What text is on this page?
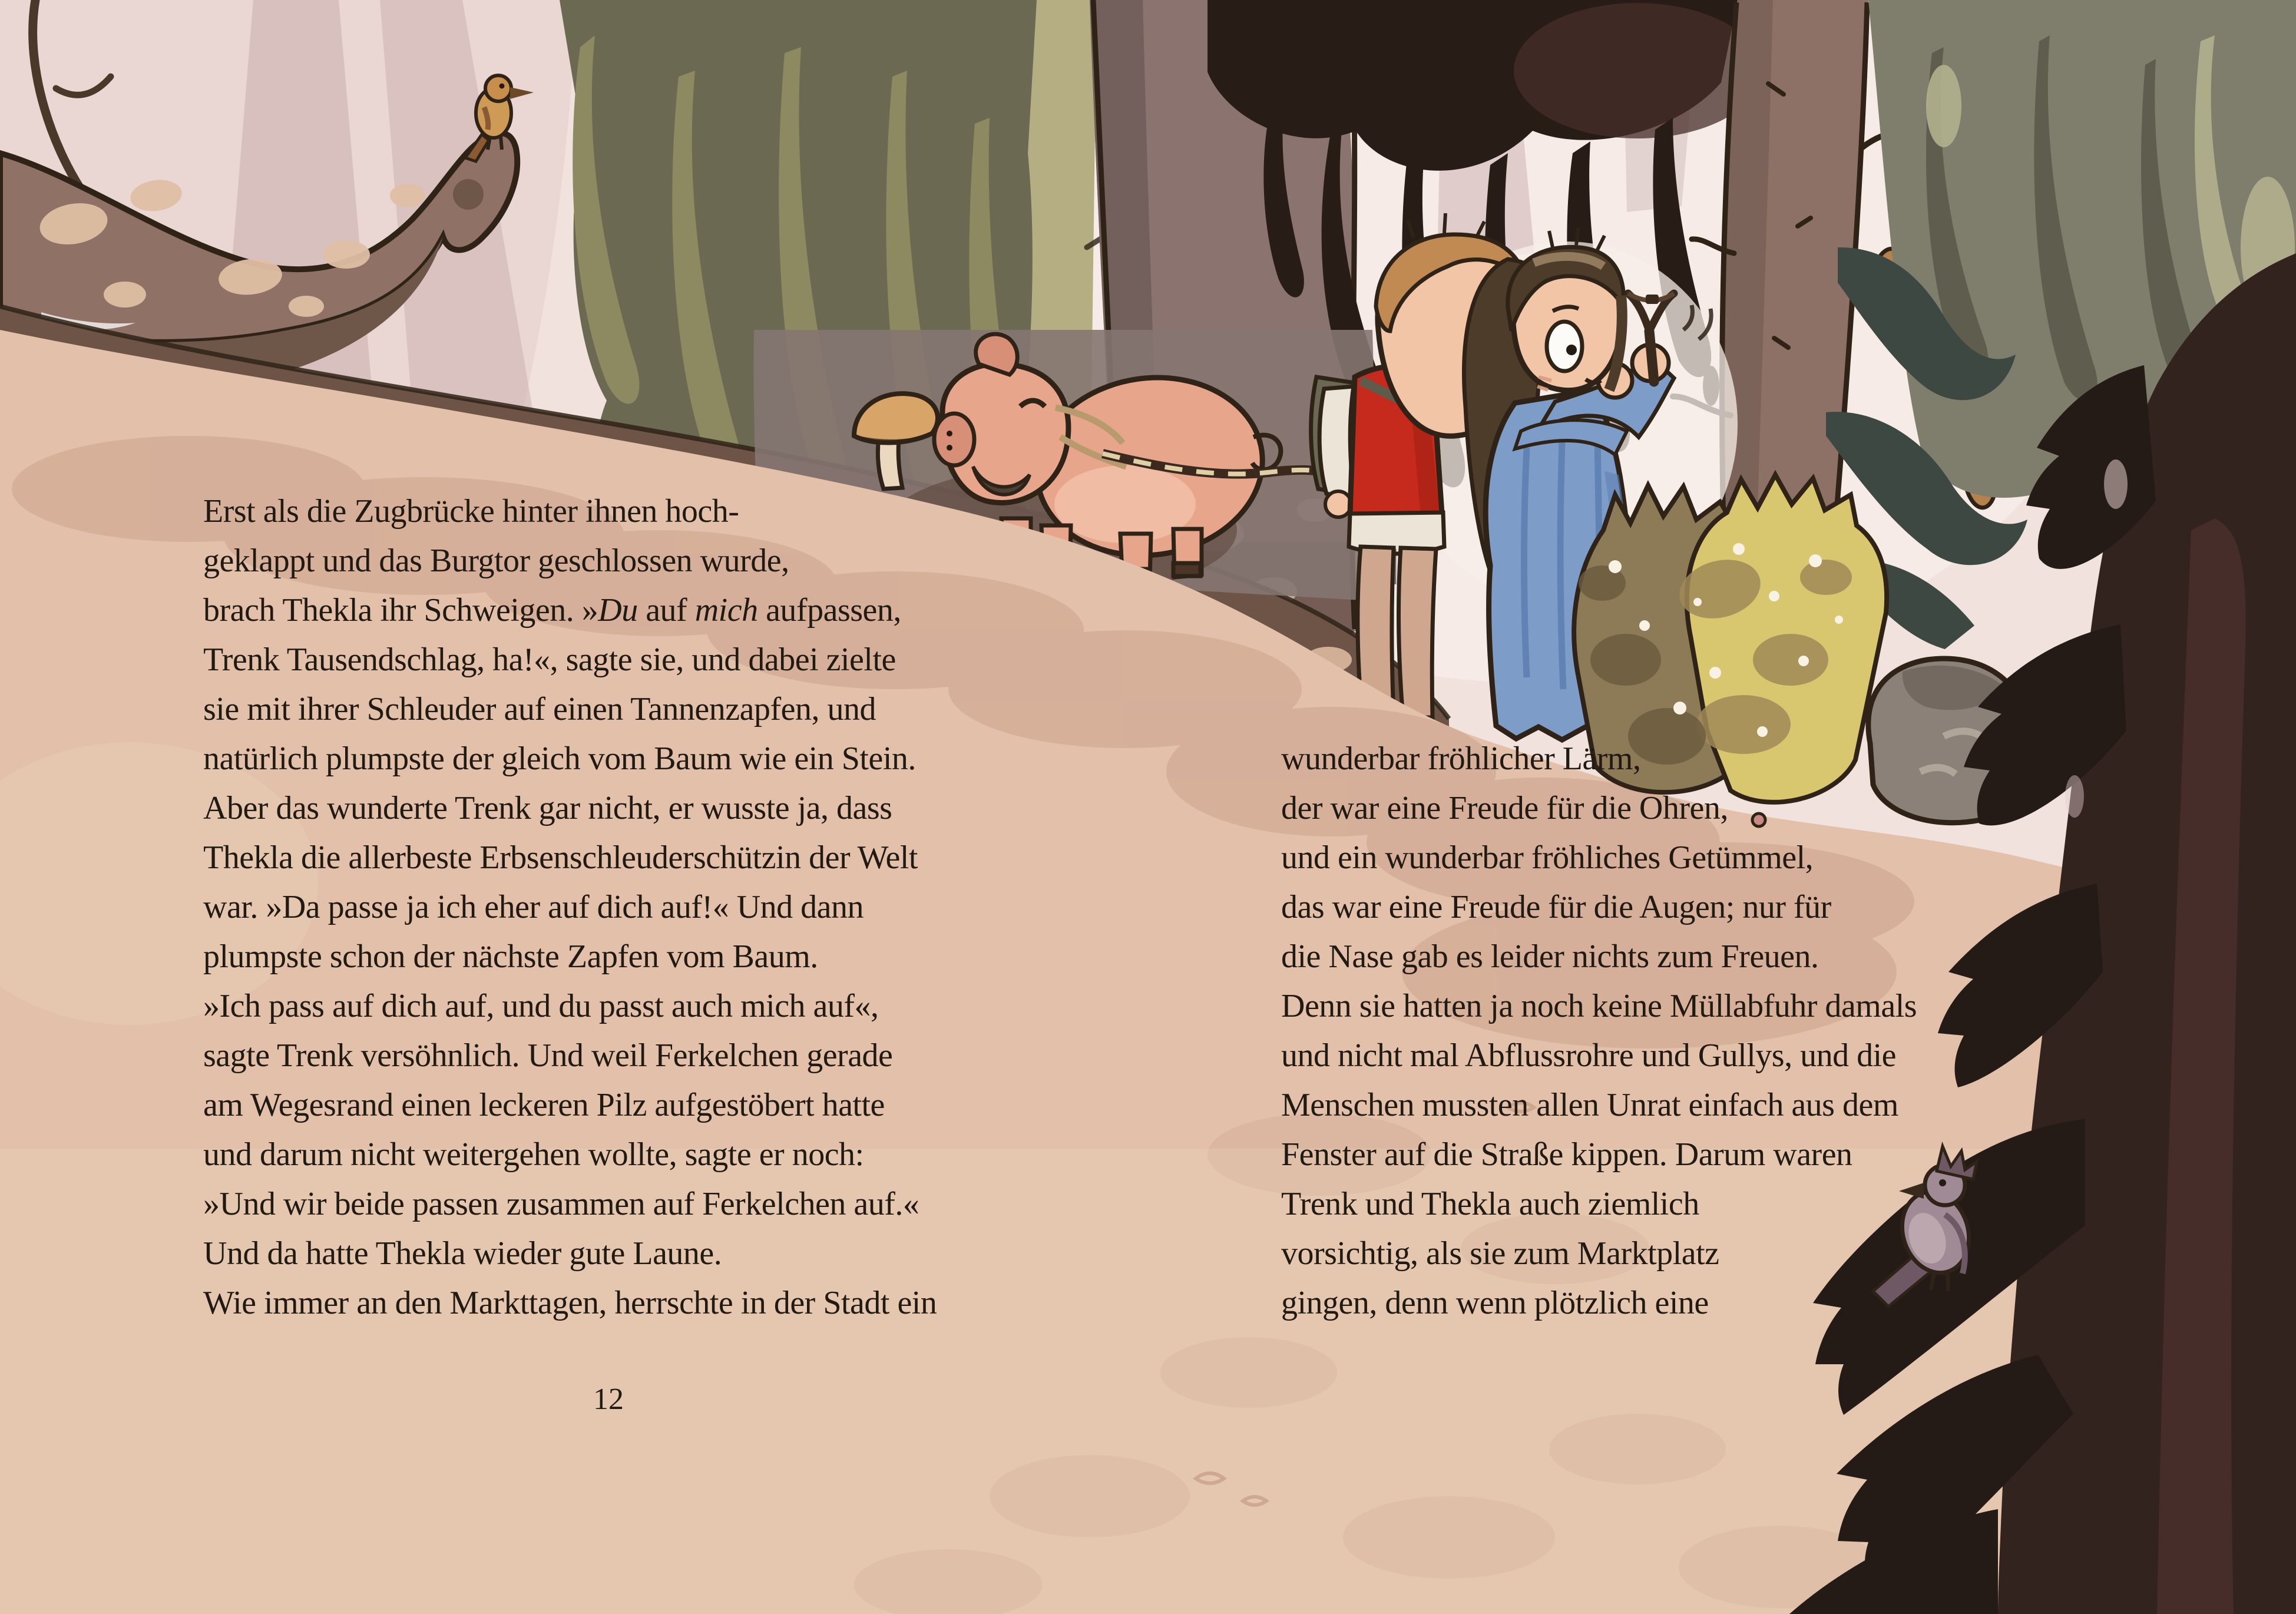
Erst als die Zugbrücke hinter ihnen hoch-
geklappt und das Burgtor geschlossen wurde,
brach Thekla ihr Schweigen. »Du auf mich aufpassen,
Trenk Tausendschlag, ha!«, sagte sie, und dabei zielte
sie mit ihrer Schleuder auf einen Tannenzapfen, und
natürlich plumpste der gleich vom Baum wie ein Stein.
Aber das wunderte Trenk gar nicht, er wusste ja, dass
Thekla die allerbeste Erbsenschleuderschützin der Welt
war. »Da passe ja ich eher auf dich auf!« Und dann
plumpste schon der nächste Zapfen vom Baum.
»Ich pass auf dich auf, und du passt auch mich auf«,
sagte Trenk versöhnlich. Und weil Ferkelchen gerade
am Wegesrand einen leckeren Pilz aufgestöbert hatte
und darum nicht weitergehen wollte, sagte er noch:
»Und wir beide passen zusammen auf Ferkelchen auf.«
Und da hatte Thekla wieder gute Laune.
Wie immer an den Markttagen, herrschte in der Stadt ein
wunderbar fröhlicher Lärm,
der war eine Freude für die Ohren,
und ein wunderbar fröhliches Getümmel,
das war eine Freude für die Augen; nur für
die Nase gab es leider nichts zum Freuen.
Denn sie hatten ja noch keine Müllabfuhr damals
und nicht mal Abflussrohre und Gullys, und die
Menschen mussten allen Unrat einfach aus dem
Fenster auf die Straße kippen. Darum waren
Trenk und Thekla auch ziemlich
vorsichtig, als sie zum Marktplatz
gingen, denn wenn plötzlich eine
12
